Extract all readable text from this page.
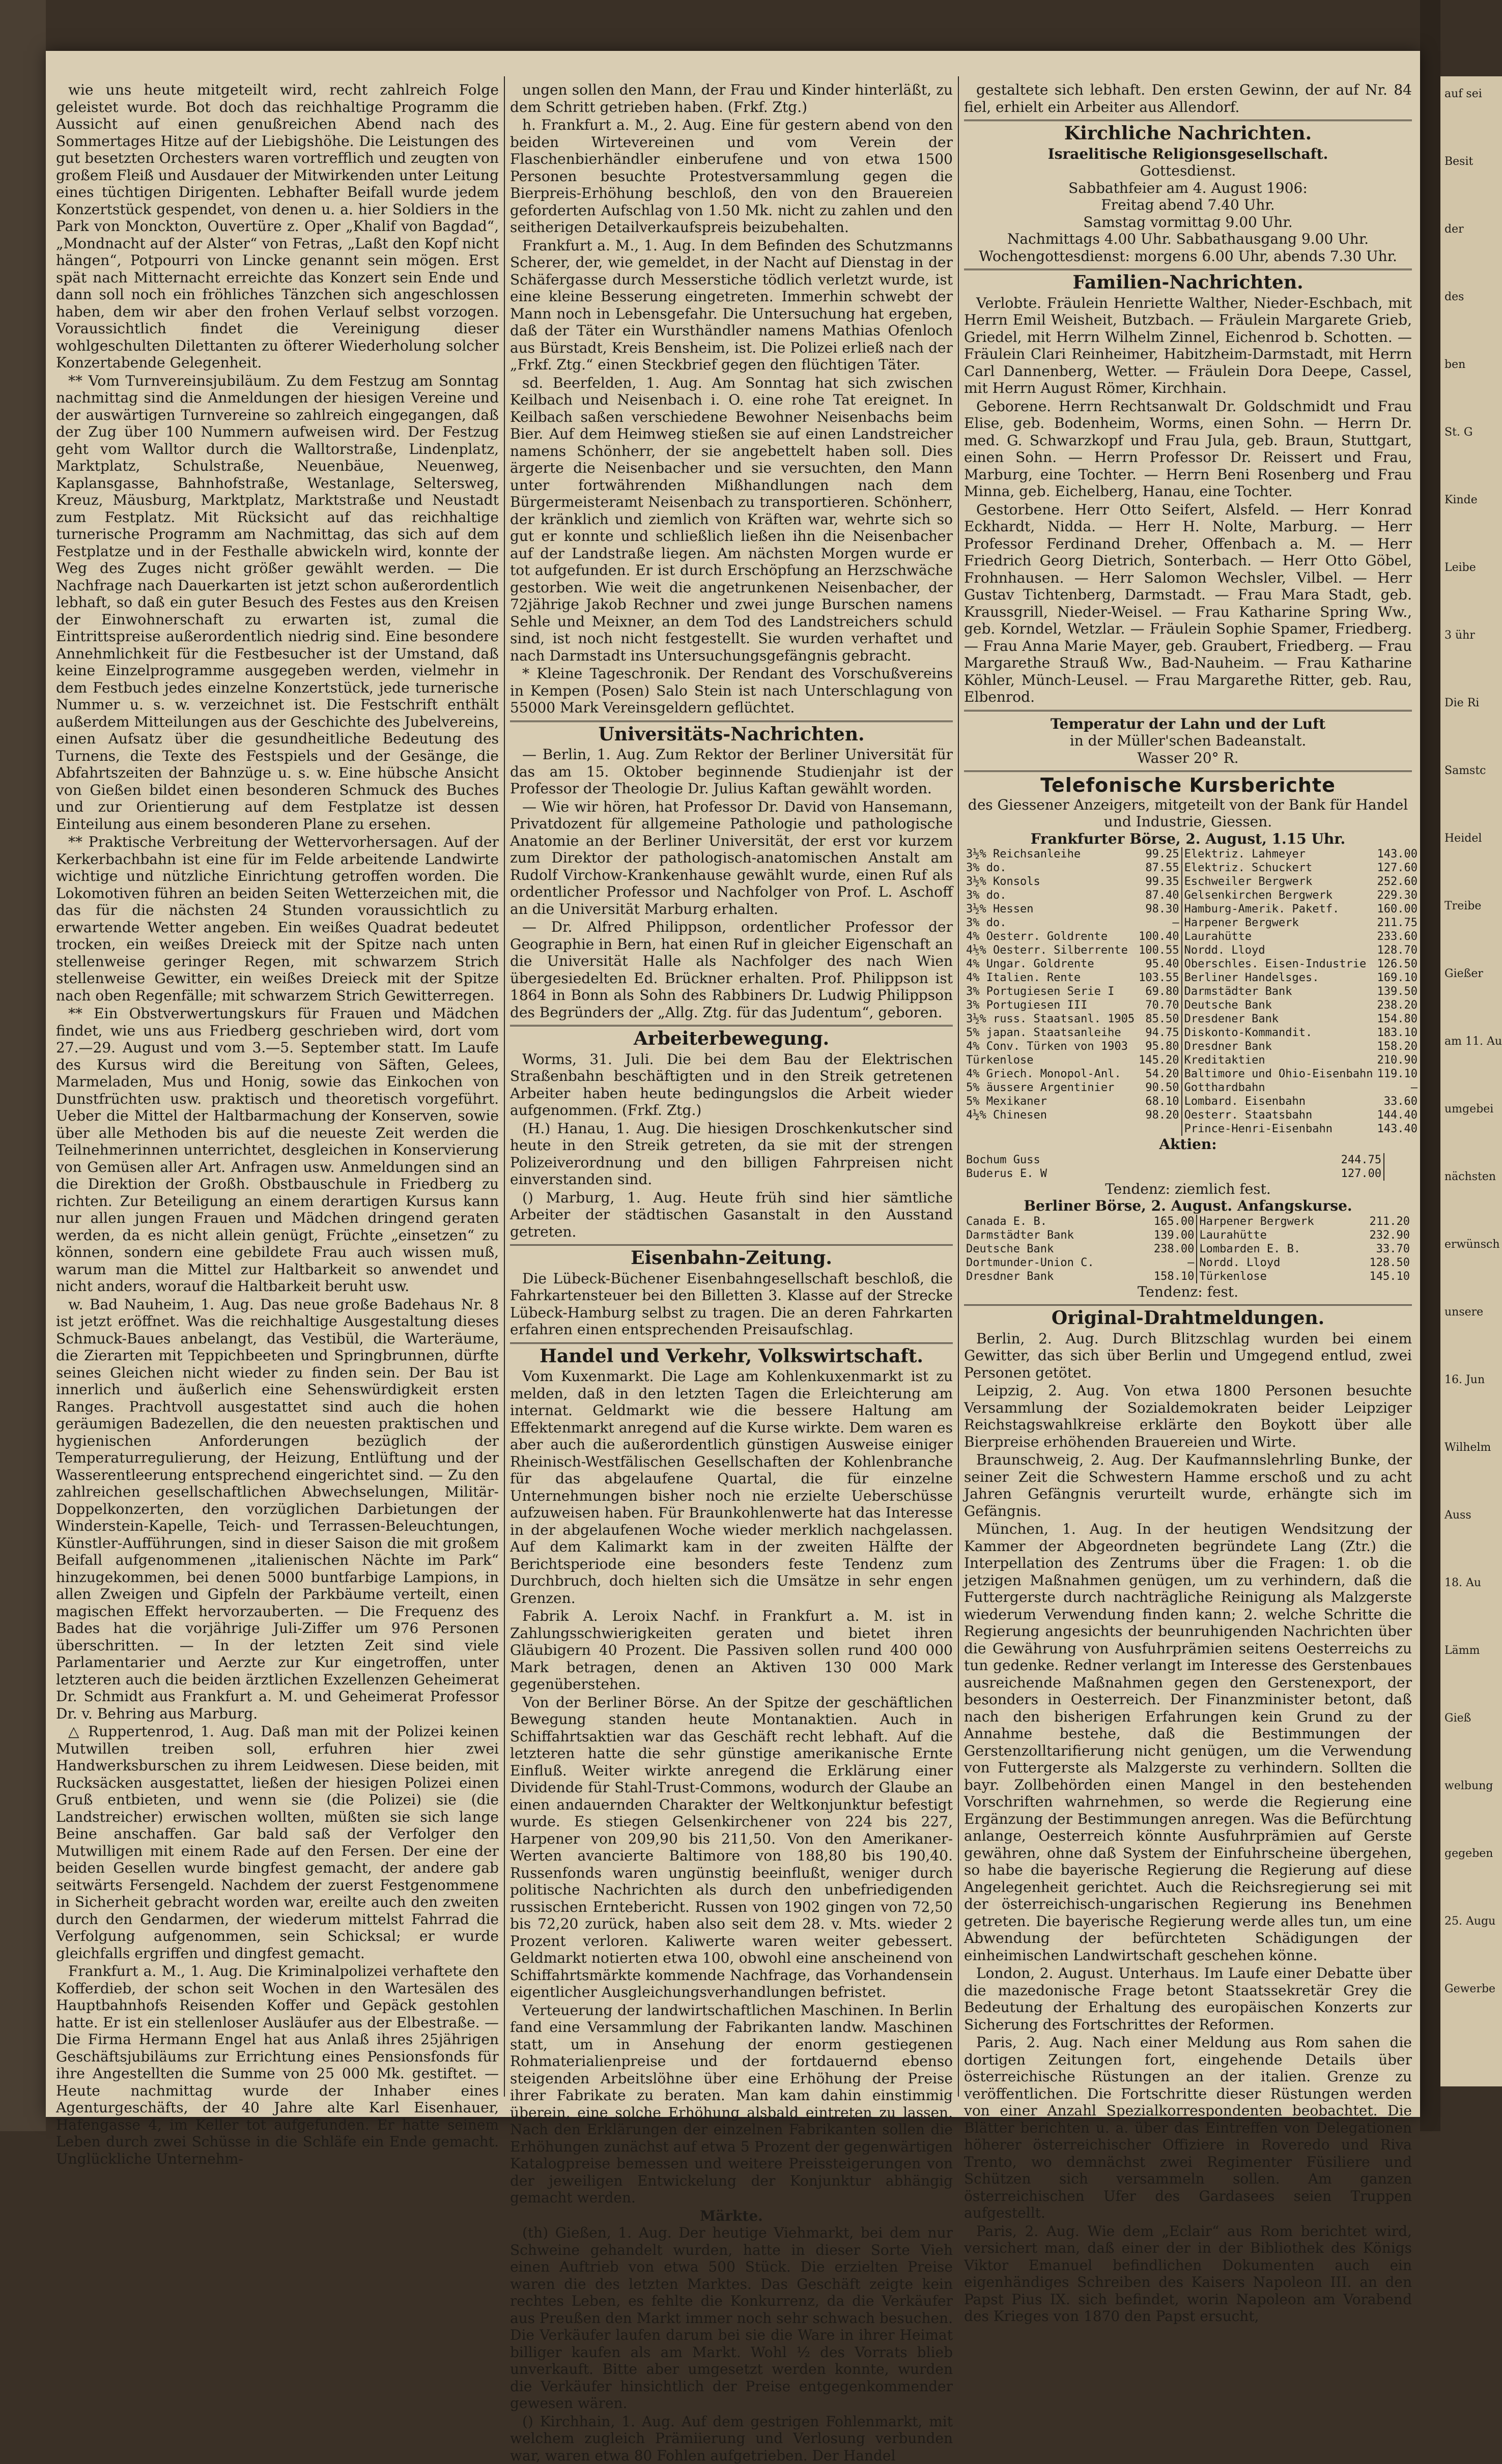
auf sei
Besit
der
des
ben
St. G
Kinde
Leibe
3 ühr
Die Ri
Samstc
Heidel
Treibe
Gießer
am 11. Au
umgebei
nächsten
erwünsch
unsere
16. Jun
Wilhelm
Auss
18. Au
Lämm
Gieß
welbung
gegeben
25. Augu
Gewerbe

wie uns heute mitgeteilt wird, recht zahlreich Folge geleistet wurde. Bot doch das reichhaltige Programm die Aussicht auf einen genußreichen Abend nach des Sommertages Hitze auf der Liebigshöhe. Die Leistungen des gut besetzten Orchesters waren vortrefflich und zeugten von großem Fleiß und Ausdauer der Mitwirkenden unter Leitung eines tüchtigen Dirigenten. Lebhafter Beifall wurde jedem Konzertstück gespendet, von denen u. a. hier Soldiers in the Park von Monckton, Ouvertüre z. Oper „Khalif von Bagdad“, „Mondnacht auf der Alster“ von Fetras, „Laßt den Kopf nicht hängen“, Potpourri von Lincke genannt sein mögen. Erst spät nach Mitternacht erreichte das Konzert sein Ende und dann soll noch ein fröhliches Tänzchen sich angeschlossen haben, dem wir aber den frohen Verlauf selbst vorzogen. Voraussichtlich findet die Vereinigung dieser wohlgeschulten Dilettanten zu öfterer Wiederholung solcher Konzertabende Gelegenheit.

** Vom Turnvereinsjubiläum. Zu dem Festzug am Sonntag nachmittag sind die Anmeldungen der hiesigen Vereine und der auswärtigen Turnvereine so zahlreich eingegangen, daß der Zug über 100 Nummern aufweisen wird. Der Festzug geht vom Walltor durch die Walltorstraße, Lindenplatz, Marktplatz, Schulstraße, Neuenbäue, Neuenweg, Kaplansgasse, Bahnhofstraße, Westanlage, Seltersweg, Kreuz, Mäusburg, Marktplatz, Marktstraße und Neustadt zum Festplatz. Mit Rücksicht auf das reichhaltige turnerische Programm am Nachmittag, das sich auf dem Festplatze und in der Festhalle abwickeln wird, konnte der Weg des Zuges nicht größer gewählt werden. — Die Nachfrage nach Dauerkarten ist jetzt schon außerordentlich lebhaft, so daß ein guter Besuch des Festes aus den Kreisen der Einwohnerschaft zu erwarten ist, zumal die Eintrittspreise außerordentlich niedrig sind. Eine besondere Annehmlichkeit für die Festbesucher ist der Umstand, daß keine Einzelprogramme ausgegeben werden, vielmehr in dem Festbuch jedes einzelne Konzertstück, jede turnerische Nummer u. s. w. verzeichnet ist. Die Festschrift enthält außerdem Mitteilungen aus der Geschichte des Jubelvereins, einen Aufsatz über die gesundheitliche Bedeutung des Turnens, die Texte des Festspiels und der Gesänge, die Abfahrtszeiten der Bahnzüge u. s. w. Eine hübsche Ansicht von Gießen bildet einen besonderen Schmuck des Buches und zur Orientierung auf dem Festplatze ist dessen Einteilung aus einem besonderen Plane zu ersehen.

** Praktische Verbreitung der Wettervorhersagen. Auf der Kerkerbachbahn ist eine für im Felde arbeitende Landwirte wichtige und nützliche Einrichtung getroffen worden. Die Lokomotiven führen an beiden Seiten Wetterzeichen mit, die das für die nächsten 24 Stunden voraussichtlich zu erwartende Wetter angeben. Ein weißes Quadrat bedeutet trocken, ein weißes Dreieck mit der Spitze nach unten stellenweise geringer Regen, mit schwarzem Strich stellenweise Gewitter, ein weißes Dreieck mit der Spitze nach oben Regenfälle; mit schwarzem Strich Gewitterregen.

** Ein Obstverwertungskurs für Frauen und Mädchen findet, wie uns aus Friedberg geschrieben wird, dort vom 27.—29. August und vom 3.—5. September statt. Im Laufe des Kursus wird die Bereitung von Säften, Gelees, Marmeladen, Mus und Honig, sowie das Einkochen von Dunstfrüchten usw. praktisch und theoretisch vorgeführt. Ueber die Mittel der Haltbarmachung der Konserven, sowie über alle Methoden bis auf die neueste Zeit werden die Teilnehmerinnen unterrichtet, desgleichen in Konservierung von Gemüsen aller Art. Anfragen usw. Anmeldungen sind an die Direktion der Großh. Obstbauschule in Friedberg zu richten. Zur Beteiligung an einem derartigen Kursus kann nur allen jungen Frauen und Mädchen dringend geraten werden, da es nicht allein genügt, Früchte „einsetzen“ zu können, sondern eine gebildete Frau auch wissen muß, warum man die Mittel zur Haltbarkeit so anwendet und nicht anders, worauf die Haltbarkeit beruht usw.

w. Bad Nauheim, 1. Aug. Das neue große Badehaus Nr. 8 ist jetzt eröffnet. Was die reichhaltige Ausgestaltung dieses Schmuck-Baues anbelangt, das Vestibül, die Warteräume, die Zierarten mit Teppichbeeten und Springbrunnen, dürfte seines Gleichen nicht wieder zu finden sein. Der Bau ist innerlich und äußerlich eine Sehenswürdigkeit ersten Ranges. Prachtvoll ausgestattet sind auch die hohen geräumigen Badezellen, die den neuesten praktischen und hygienischen Anforderungen bezüglich der Temperaturregulierung, der Heizung, Entlüftung und der Wasserentleerung entsprechend eingerichtet sind. — Zu den zahlreichen gesellschaftlichen Abwechselungen, Militär-Doppelkonzerten, den vorzüglichen Darbietungen der Winderstein-Kapelle, Teich- und Terrassen-Beleuchtungen, Künstler-Aufführungen, sind in dieser Saison die mit großem Beifall aufgenommenen „italienischen Nächte im Park“ hinzugekommen, bei denen 5000 buntfarbige Lampions, in allen Zweigen und Gipfeln der Parkbäume verteilt, einen magischen Effekt hervorzauberten. — Die Frequenz des Bades hat die vorjährige Juli-Ziffer um 976 Personen überschritten. — In der letzten Zeit sind viele Parlamentarier und Aerzte zur Kur eingetroffen, unter letzteren auch die beiden ärztlichen Exzellenzen Geheimerat Dr. Schmidt aus Frankfurt a. M. und Geheimerat Professor Dr. v. Behring aus Marburg.

△ Ruppertenrod, 1. Aug. Daß man mit der Polizei keinen Mutwillen treiben soll, erfuhren hier zwei Handwerksburschen zu ihrem Leidwesen. Diese beiden, mit Rucksäcken ausgestattet, ließen der hiesigen Polizei einen Gruß entbieten, und wenn sie (die Polizei) sie (die Landstreicher) erwischen wollten, müßten sie sich lange Beine anschaffen. Gar bald saß der Verfolger den Mutwilligen mit einem Rade auf den Fersen. Der eine der beiden Gesellen wurde bingfest gemacht, der andere gab seitwärts Fersengeld. Nachdem der zuerst Festgenommene in Sicherheit gebracht worden war, ereilte auch den zweiten durch den Gendarmen, der wiederum mittelst Fahrrad die Verfolgung aufgenommen, sein Schicksal; er wurde gleichfalls ergriffen und dingfest gemacht.

Frankfurt a. M., 1. Aug. Die Kriminalpolizei verhaftete den Kofferdieb, der schon seit Wochen in den Wartesälen des Hauptbahnhofs Reisenden Koffer und Gepäck gestohlen hatte. Er ist ein stellenloser Ausläufer aus der Elbestraße. — Die Firma Hermann Engel hat aus Anlaß ihres 25jährigen Geschäftsjubiläums zur Errichtung eines Pensionsfonds für ihre Angestellten die Summe von 25 000 Mk. gestiftet. — Heute nachmittag wurde der Inhaber eines Agenturgeschäfts, der 40 Jahre alte Karl Eisenhauer, Hafengasse 4, im Keller tot aufgefunden. Er hatte seinem Leben durch zwei Schüsse in die Schläfe ein Ende gemacht. Unglückliche Unternehm-

ungen sollen den Mann, der Frau und Kinder hinterläßt, zu dem Schritt getrieben haben. (Frkf. Ztg.)

h. Frankfurt a. M., 2. Aug. Eine für gestern abend von den beiden Wirtevereinen und vom Verein der Flaschenbierhändler einberufene und von etwa 1500 Personen besuchte Protestversammlung gegen die Bierpreis-Erhöhung beschloß, den von den Brauereien geforderten Aufschlag von 1.50 Mk. nicht zu zahlen und den seitherigen Detailverkaufspreis beizubehalten.

Frankfurt a. M., 1. Aug. In dem Befinden des Schutzmanns Scherer, der, wie gemeldet, in der Nacht auf Dienstag in der Schäfergasse durch Messerstiche tödlich verletzt wurde, ist eine kleine Besserung eingetreten. Immerhin schwebt der Mann noch in Lebensgefahr. Die Untersuchung hat ergeben, daß der Täter ein Wursthändler namens Mathias Ofenloch aus Bürstadt, Kreis Bensheim, ist. Die Polizei erließ nach der „Frkf. Ztg.“ einen Steckbrief gegen den flüchtigen Täter.

sd. Beerfelden, 1. Aug. Am Sonntag hat sich zwischen Keilbach und Neisenbach i. O. eine rohe Tat ereignet. In Keilbach saßen verschiedene Bewohner Neisenbachs beim Bier. Auf dem Heimweg stießen sie auf einen Landstreicher namens Schönherr, der sie angebettelt haben soll. Dies ärgerte die Neisenbacher und sie versuchten, den Mann unter fortwährenden Mißhandlungen nach dem Bürgermeisteramt Neisenbach zu transportieren. Schönherr, der kränklich und ziemlich von Kräften war, wehrte sich so gut er konnte und schließlich ließen ihn die Neisenbacher auf der Landstraße liegen. Am nächsten Morgen wurde er tot aufgefunden. Er ist durch Erschöpfung an Herzschwäche gestorben. Wie weit die angetrunkenen Neisenbacher, der 72jährige Jakob Rechner und zwei junge Burschen namens Sehle und Meixner, an dem Tod des Landstreichers schuld sind, ist noch nicht festgestellt. Sie wurden verhaftet und nach Darmstadt ins Untersuchungsgefängnis gebracht.

* Kleine Tageschronik. Der Rendant des Vorschußvereins in Kempen (Posen) Salo Stein ist nach Unterschlagung von 55000 Mark Vereinsgeldern geflüchtet.

Universitäts-Nachrichten.

— Berlin, 1. Aug. Zum Rektor der Berliner Universität für das am 15. Oktober beginnende Studienjahr ist der Professor der Theologie Dr. Julius Kaftan gewählt worden.

— Wie wir hören, hat Professor Dr. David von Hansemann, Privatdozent für allgemeine Pathologie und pathologische Anatomie an der Berliner Universität, der erst vor kurzem zum Direktor der pathologisch-anatomischen Anstalt am Rudolf Virchow-Krankenhause gewählt wurde, einen Ruf als ordentlicher Professor und Nachfolger von Prof. L. Aschoff an die Universität Marburg erhalten.

— Dr. Alfred Philippson, ordentlicher Professor der Geographie in Bern, hat einen Ruf in gleicher Eigenschaft an die Universität Halle als Nachfolger des nach Wien übergesiedelten Ed. Brückner erhalten. Prof. Philippson ist 1864 in Bonn als Sohn des Rabbiners Dr. Ludwig Philippson des Begründers der „Allg. Ztg. für das Judentum“, geboren.

Arbeiterbewegung.

Worms, 31. Juli. Die bei dem Bau der Elektrischen Straßenbahn beschäftigten und in den Streik getretenen Arbeiter haben heute bedingungslos die Arbeit wieder aufgenommen. (Frkf. Ztg.)

(H.) Hanau, 1. Aug. Die hiesigen Droschkenkutscher sind heute in den Streik getreten, da sie mit der strengen Polizeiverordnung und den billigen Fahrpreisen nicht einverstanden sind.

() Marburg, 1. Aug. Heute früh sind hier sämtliche Arbeiter der städtischen Gasanstalt in den Ausstand getreten.

Eisenbahn-Zeitung.

Die Lübeck-Büchener Eisenbahngesellschaft beschloß, die Fahrkartensteuer bei den Billetten 3. Klasse auf der Strecke Lübeck-Hamburg selbst zu tragen. Die an deren Fahrkarten erfahren einen entsprechenden Preisaufschlag.

Handel und Verkehr, Volkswirtschaft.

Vom Kuxenmarkt. Die Lage am Kohlenkuxenmarkt ist zu melden, daß in den letzten Tagen die Erleichterung am internat. Geldmarkt wie die bessere Haltung am Effektenmarkt anregend auf die Kurse wirkte. Dem waren es aber auch die außerordentlich günstigen Ausweise einiger Rheinisch-Westfälischen Gesellschaften der Kohlenbranche für das abgelaufene Quartal, die für einzelne Unternehmungen bisher noch nie erzielte Ueberschüsse aufzuweisen haben. Für Braunkohlenwerte hat das Interesse in der abgelaufenen Woche wieder merklich nachgelassen. Auf dem Kalimarkt kam in der zweiten Hälfte der Berichtsperiode eine besonders feste Tendenz zum Durchbruch, doch hielten sich die Umsätze in sehr engen Grenzen.

Fabrik A. Leroix Nachf. in Frankfurt a. M. ist in Zahlungsschwierigkeiten geraten und bietet ihren Gläubigern 40 Prozent. Die Passiven sollen rund 400 000 Mark betragen, denen an Aktiven 130 000 Mark gegenüberstehen.

Von der Berliner Börse. An der Spitze der geschäftlichen Bewegung standen heute Montanaktien. Auch in Schiffahrtsaktien war das Geschäft recht lebhaft. Auf die letzteren hatte die sehr günstige amerikanische Ernte Einfluß. Weiter wirkte anregend die Erklärung einer Dividende für Stahl-Trust-Commons, wodurch der Glaube an einen andauernden Charakter der Weltkonjunktur befestigt wurde. Es stiegen Gelsenkirchener von 224 bis 227, Harpener von 209,90 bis 211,50. Von den Amerikaner-Werten avancierte Baltimore von 188,80 bis 190,40. Russenfonds waren ungünstig beeinflußt, weniger durch politische Nachrichten als durch den unbefriedigenden russischen Erntebericht. Russen von 1902 gingen von 72,50 bis 72,20 zurück, haben also seit dem 28. v. Mts. wieder 2 Prozent verloren. Kaliwerte waren weiter gebessert. Geldmarkt notierten etwa 100, obwohl eine anscheinend von Schiffahrtsmärkte kommende Nachfrage, das Vorhandensein eigentlicher Ausgleichungsverhandlungen befristet.

Verteuerung der landwirtschaftlichen Maschinen. In Berlin fand eine Versammlung der Fabrikanten landw. Maschinen statt, um in Ansehung der enorm gestiegenen Rohmaterialienpreise und der fortdauernd ebenso steigenden Arbeitslöhne über eine Erhöhung der Preise ihrer Fabrikate zu beraten. Man kam dahin einstimmig überein, eine solche Erhöhung alsbald eintreten zu lassen. Nach den Erklärungen der einzelnen Fabrikanten sollen die Erhöhungen zunächst auf etwa 5 Prozent der gegenwärtigen Katalogpreise bemessen und weitere Preissteigerungen von der jeweiligen Entwickelung der Konjunktur abhängig gemacht werden.

Märkte.

(th) Gießen, 1. Aug. Der heutige Viehmarkt, bei dem nur Schweine gehandelt wurden, hatte in dieser Sorte Vieh einen Auftrieb von etwa 500 Stück. Die erzielten Preise waren die des letzten Marktes. Das Geschäft zeigte kein rechtes Leben, es fehlte die Konkurrenz, da die Verkäufer aus Preußen den Markt immer noch sehr schwach besuchen. Die Verkäufer laufen darum bei sie die Ware in ihrer Heimat billiger kaufen als am Markt. Wohl ½ des Vorrats blieb unverkauft. Bitte aber umgesetzt werden konnte, wurden die Verkäufer hinsichtlich der Preise entgegenkommender gewesen wären.

() Kirchhain, 1. Aug. Auf dem gestrigen Fohlenmarkt, mit welchem zugleich Prämiierung und Verlosung verbunden war, waren etwa 80 Fohlen aufgetrieben. Der Handel

gestaltete sich lebhaft. Den ersten Gewinn, der auf Nr. 84 fiel, erhielt ein Arbeiter aus Allendorf.

Kirchliche Nachrichten.
Israelitische Religionsgesellschaft.
Gottesdienst.
Sabbathfeier am 4. August 1906:
Freitag abend 7.40 Uhr.
Samstag vormittag 9.00 Uhr.
Nachmittags 4.00 Uhr. Sabbathausgang 9.00 Uhr.
Wochengottesdienst: morgens 6.00 Uhr, abends 7.30 Uhr.
Familien-Nachrichten.

Verlobte. Fräulein Henriette Walther, Nieder-Eschbach, mit Herrn Emil Weisheit, Butzbach. — Fräulein Margarete Grieb, Griedel, mit Herrn Wilhelm Zinnel, Eichenrod b. Schotten. — Fräulein Clari Reinheimer, Habitzheim-Darmstadt, mit Herrn Carl Dannenberg, Wetter. — Fräulein Dora Deepe, Cassel, mit Herrn August Römer, Kirchhain.

Geborene. Herrn Rechtsanwalt Dr. Goldschmidt und Frau Elise, geb. Bodenheim, Worms, einen Sohn. — Herrn Dr. med. G. Schwarzkopf und Frau Jula, geb. Braun, Stuttgart, einen Sohn. — Herrn Professor Dr. Reissert und Frau, Marburg, eine Tochter. — Herrn Beni Rosenberg und Frau Minna, geb. Eichelberg, Hanau, eine Tochter.

Gestorbene. Herr Otto Seifert, Alsfeld. — Herr Konrad Eckhardt, Nidda. — Herr H. Nolte, Marburg. — Herr Professor Ferdinand Dreher, Offenbach a. M. — Herr Friedrich Georg Dietrich, Sonterbach. — Herr Otto Göbel, Frohnhausen. — Herr Salomon Wechsler, Vilbel. — Herr Gustav Tichtenberg, Darmstadt. — Frau Mara Stadt, geb. Kraussgrill, Nieder-Weisel. — Frau Katharine Spring Ww., geb. Korndel, Wetzlar. — Fräulein Sophie Spamer, Friedberg. — Frau Anna Marie Mayer, geb. Graubert, Friedberg. — Frau Margarethe Strauß Ww., Bad-Nauheim. — Frau Katharine Köhler, Münch-Leusel. — Frau Margarethe Ritter, geb. Rau, Elbenrod.

Temperatur der Lahn und der Luft
in der Müller'schen Badeanstalt.
Wasser 20° R.
Telefonische Kursberichte
des Giessener Anzeigers, mitgeteilt von der Bank für Handel und Industrie, Giessen.
Frankfurter Börse, 2. August, 1.15 Uhr.
3½% Reichsanleihe	99.25	Elektriz. Lahmeyer	143.00
3% do.	87.55	Elektriz. Schuckert	127.60
3½% Konsols	99.35	Eschweiler Bergwerk	252.60
3% do.	87.40	Gelsenkirchen Bergwerk	229.30
3½% Hessen	98.30	Hamburg-Amerik. Paketf.	160.00
3% do.	—	Harpener Bergwerk	211.75
4% Oesterr. Goldrente	100.40	Laurahütte	233.60
4⅕% Oesterr. Silberrente	100.55	Nordd. Lloyd	128.70
4% Ungar. Goldrente	95.40	Oberschles. Eisen-Industrie	126.50
4% Italien. Rente	103.55	Berliner Handelsges.	169.10
3% Portugiesen Serie I	69.80	Darmstädter Bank	139.50
3% Portugiesen III	70.70	Deutsche Bank	238.20
3½% russ. Staatsanl. 1905	85.50	Dresdener Bank	154.80
5% japan. Staatsanleihe	94.75	Diskonto-Kommandit.	183.10
4% Conv. Türken von 1903	95.80	Dresdner Bank	158.20
Türkenlose	145.20	Kreditaktien	210.90
4% Griech. Monopol-Anl.	54.20	Baltimore und Ohio-Eisenbahn	119.10
5% äussere Argentinier	90.50	Gotthardbahn	—
5% Mexikaner	68.10	Lombard. Eisenbahn	33.60
4½% Chinesen	98.20	Oesterr. Staatsbahn	144.40
		Prince-Henri-Eisenbahn	143.40
Aktien:
Bochum Guss	244.75		
Buderus E. W	127.00		
Tendenz: ziemlich fest.
Berliner Börse, 2. August. Anfangskurse.
Canada E. B.	165.00	Harpener Bergwerk	211.20
Darmstädter Bank	139.00	Laurahütte	232.90
Deutsche Bank	238.00	Lombarden E. B.	33.70
Dortmunder-Union C.	—	Nordd. Lloyd	128.50
Dresdner Bank	158.10	Türkenlose	145.10
Tendenz: fest.
Original-Drahtmeldungen.

Berlin, 2. Aug. Durch Blitzschlag wurden bei einem Gewitter, das sich über Berlin und Umgegend entlud, zwei Personen getötet.

Leipzig, 2. Aug. Von etwa 1800 Personen besuchte Versammlung der Sozialdemokraten beider Leipziger Reichstagswahlkreise erklärte den Boykott über alle Bierpreise erhöhenden Brauereien und Wirte.

Braunschweig, 2. Aug. Der Kaufmannslehrling Bunke, der seiner Zeit die Schwestern Hamme erschoß und zu acht Jahren Gefängnis verurteilt wurde, erhängte sich im Gefängnis.

München, 1. Aug. In der heutigen Wendsitzung der Kammer der Abgeordneten begründete Lang (Ztr.) die Interpellation des Zentrums über die Fragen: 1. ob die jetzigen Maßnahmen genügen, um zu verhindern, daß die Futtergerste durch nachträgliche Reinigung als Malzgerste wiederum Verwendung finden kann; 2. welche Schritte die Regierung angesichts der beunruhigenden Nachrichten über die Gewährung von Ausfuhrprämien seitens Oesterreichs zu tun gedenke. Redner verlangt im Interesse des Gerstenbaues ausreichende Maßnahmen gegen den Gerstenexport, der besonders in Oesterreich. Der Finanzminister betont, daß nach den bisherigen Erfahrungen kein Grund zu der Annahme bestehe, daß die Bestimmungen der Gerstenzolltarifierung nicht genügen, um die Verwendung von Futtergerste als Malzgerste zu verhindern. Sollten die bayr. Zollbehörden einen Mangel in den bestehenden Vorschriften wahrnehmen, so werde die Regierung eine Ergänzung der Bestimmungen anregen. Was die Befürchtung anlange, Oesterreich könnte Ausfuhrprämien auf Gerste gewähren, ohne daß System der Einfuhrscheine übergehen, so habe die bayerische Regierung die Regierung auf diese Angelegenheit gerichtet. Auch die Reichsregierung sei mit der österreichisch-ungarischen Regierung ins Benehmen getreten. Die bayerische Regierung werde alles tun, um eine Abwendung der befürchteten Schädigungen der einheimischen Landwirtschaft geschehen könne.

London, 2. August. Unterhaus. Im Laufe einer Debatte über die mazedonische Frage betont Staatssekretär Grey die Bedeutung der Erhaltung des europäischen Konzerts zur Sicherung des Fortschrittes der Reformen.

Paris, 2. Aug. Nach einer Meldung aus Rom sahen die dortigen Zeitungen fort, eingehende Details über österreichische Rüstungen an der italien. Grenze zu veröffentlichen. Die Fortschritte dieser Rüstungen werden von einer Anzahl Spezialkorrespondenten beobachtet. Die Blätter berichten u. a. über das Eintreffen von Delegationen höherer österreichischer Offiziere in Roveredo und Riva Trento, wo demnächst zwei Regimenter Füsiliere und Schützen sich versammeln sollen. Am ganzen österreichischen Ufer des Gardasees seien Truppen aufgestellt.

Paris, 2. Aug. Wie dem „Eclair“ aus Rom berichtet wird, versichert man, daß einer der in der Bibliothek des Königs Viktor Emanuel befindlichen Dokumenten auch ein eigenhändiges Schreiben des Kaisers Napoleon III. an den Papst Pius IX. sich befindet, worin Napoleon am Vorabend des Krieges von 1870 den Papst ersucht,
